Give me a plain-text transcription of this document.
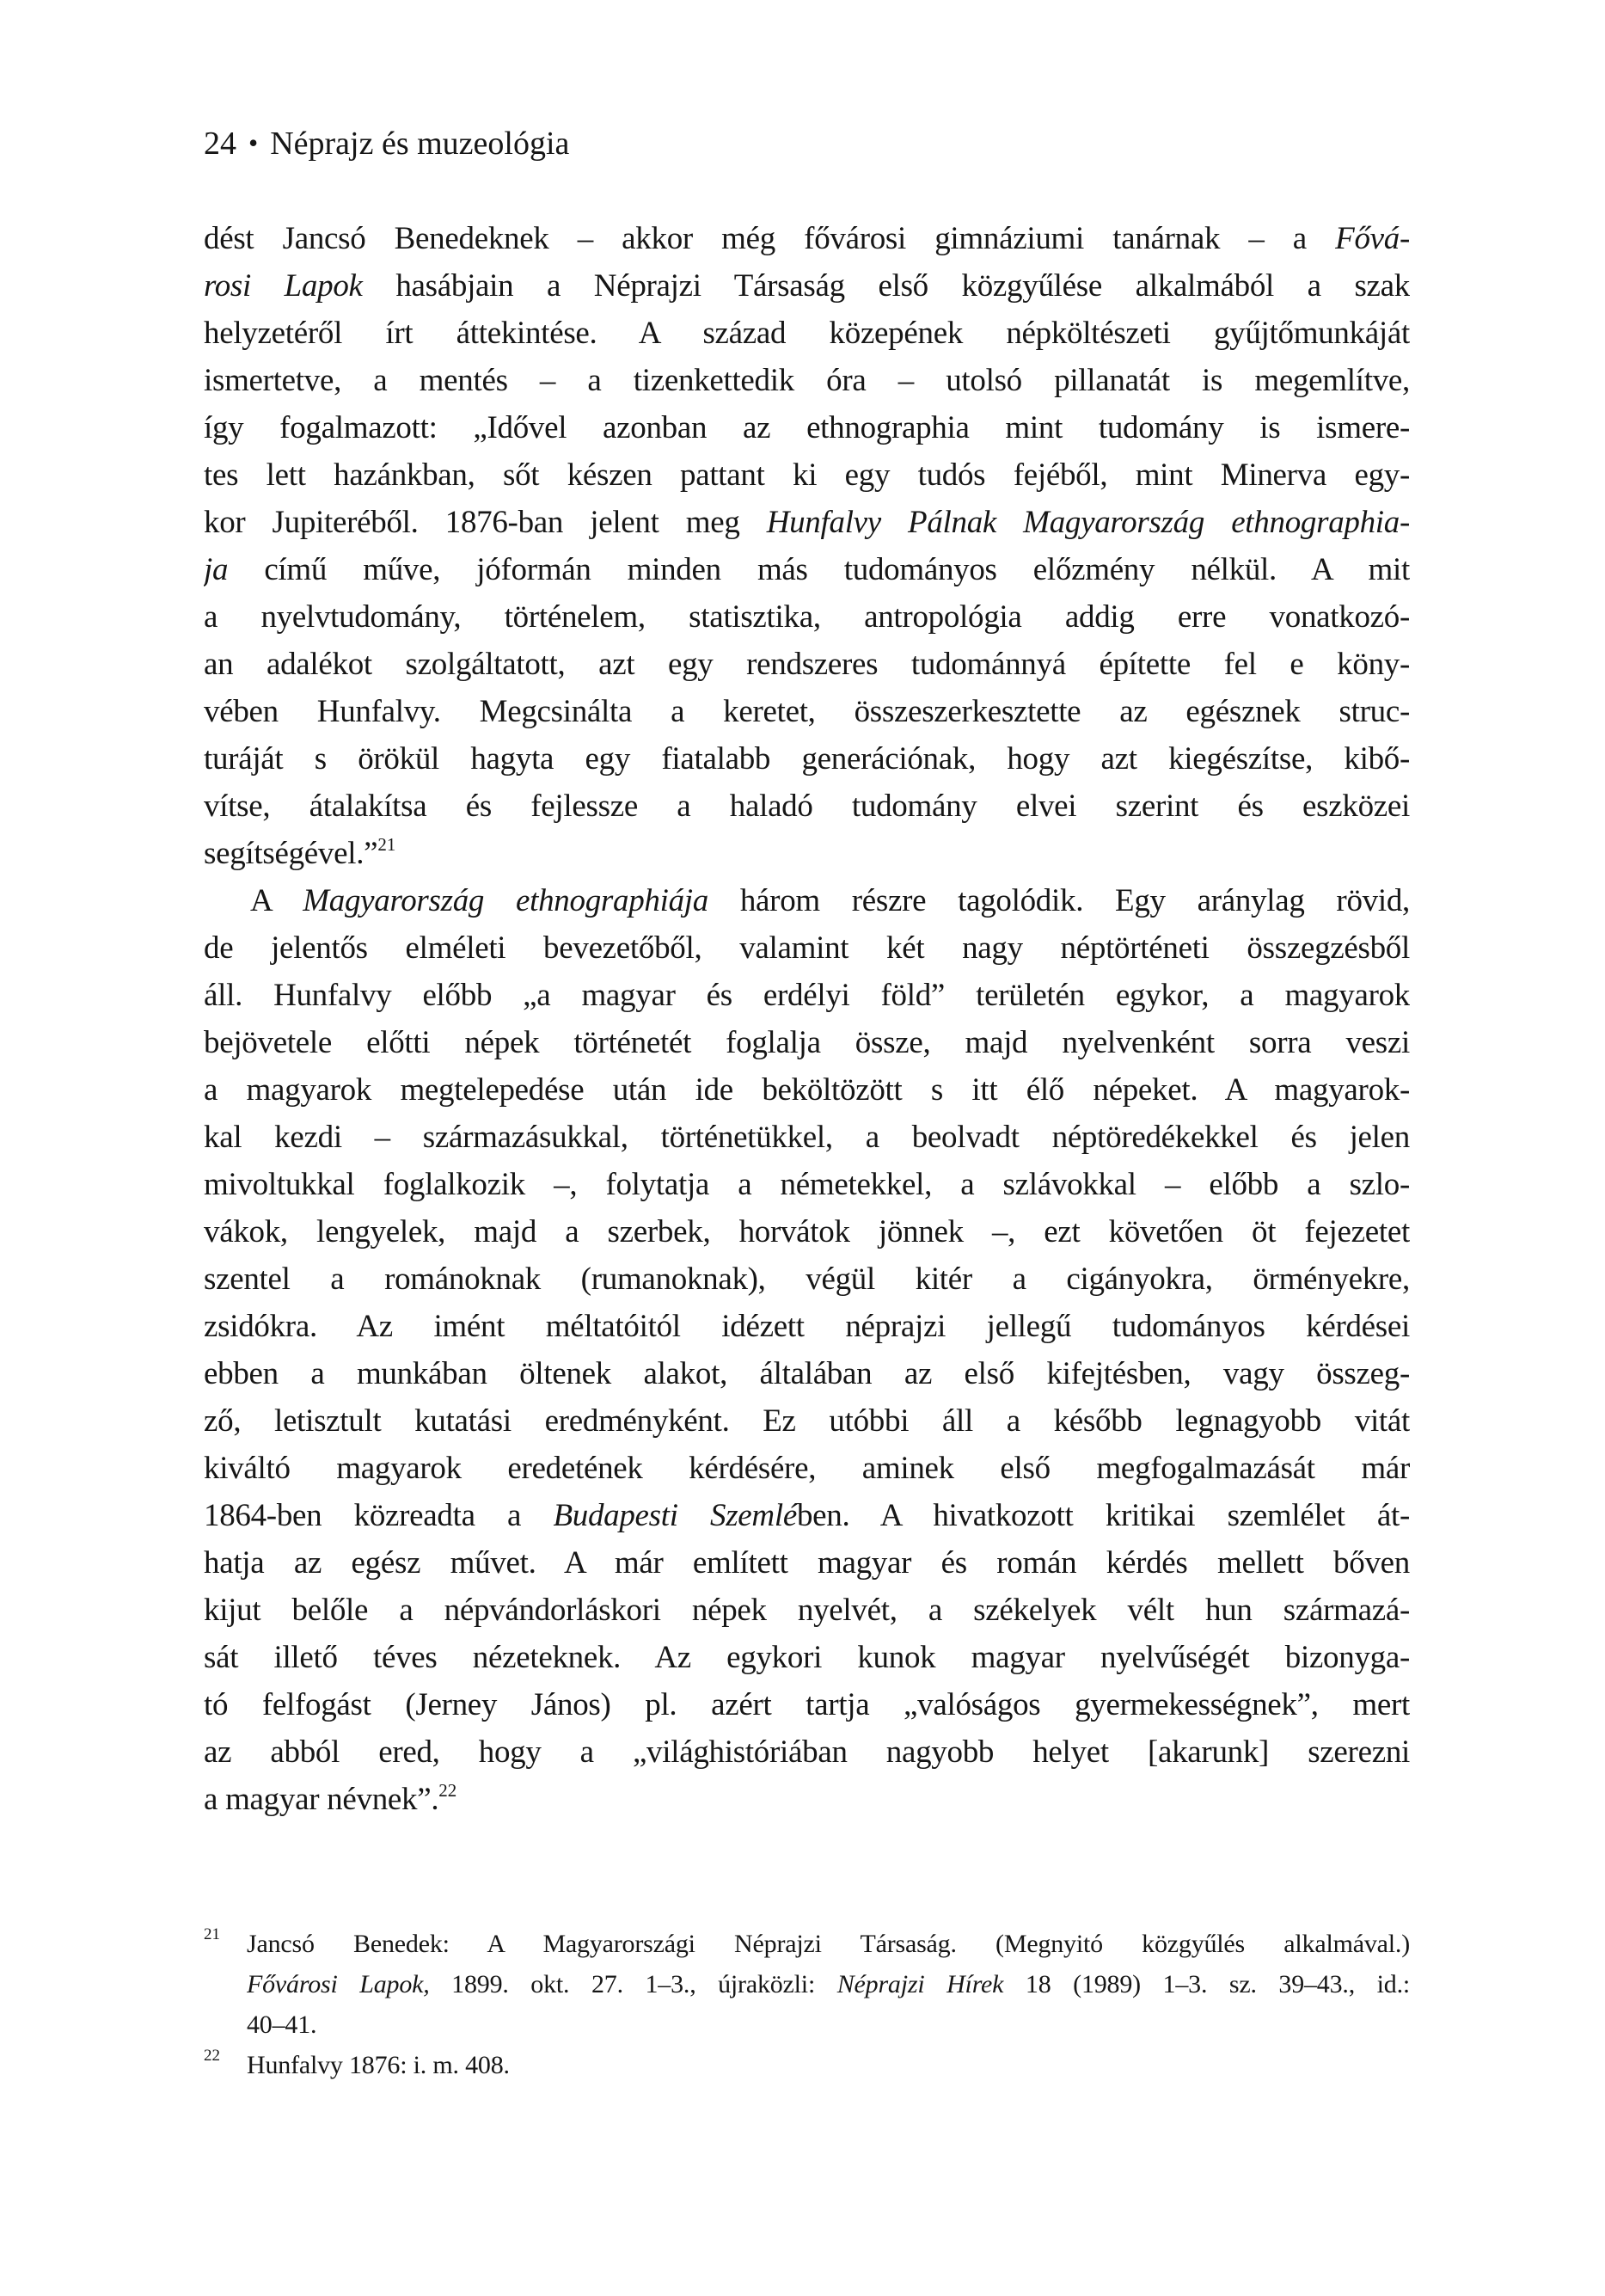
24 • Néprajz és muzeológia
dést Jancsó Benedeknek – akkor még fővárosi gimnáziumi tanárnak – a Fővá-
rosi Lapok hasábjain a Néprajzi Társaság első közgyűlése alkalmából a szak
helyzetéről írt áttekintése. A század közepének népköltészeti gyűjtőmunkáját
ismertetve, a mentés – a tizenkettedik óra – utolsó pillanatát is megemlítve,
így fogalmazott: „Idővel azonban az ethnographia mint tudomány is ismere-
tes lett hazánkban, sőt készen pattant ki egy tudós fejéből, mint Minerva egy-
kor Jupiteréből. 1876-ban jelent meg Hunfalvy Pálnak Magyarország ethnographia-
ja című műve, jóformán minden más tudományos előzmény nélkül. A mit
a nyelvtudomány, történelem, statisztika, antropológia addig erre vonatkozó-
an adalékot szolgáltatott, azt egy rendszeres tudománnyá építette fel e köny-
vében Hunfalvy. Megcsinálta a keretet, összeszerkesztette az egésznek struc-
turáját s örökül hagyta egy fiatalabb generációnak, hogy azt kiegészítse, kibő-
vítse, átalakítsa és fejlessze a haladó tudomány elvei szerint és eszközei
segítségével.”$^{21}$
A Magyarország ethnographiája három részre tagolódik. Egy aránylag rövid,
de jelentős elméleti bevezetőből, valamint két nagy néptörténeti összegzésből
áll. Hunfalvy előbb „a magyar és erdélyi föld” területén egykor, a magyarok
bejövetele előtti népek történetét foglalja össze, majd nyelvenként sorra veszi
a magyarok megtelepedése után ide beköltözött s itt élő népeket. A magyarok-
kal kezdi – származásukkal, történetükkel, a beolvadt néptöredékekkel és jelen
mivoltukkal foglalkozik –, folytatja a németekkel, a szlávokkal – előbb a szlo-
vákok, lengyelek, majd a szerbek, horvátok jönnek –, ezt követően öt fejezetet
szentel a románoknak (rumanoknak), végül kitér a cigányokra, örményekre,
zsidókra. Az imént méltatóitól idézett néprajzi jellegű tudományos kérdései
ebben a munkában öltenek alakot, általában az első kifejtésben, vagy összeg-
ző, letisztult kutatási eredményként. Ez utóbbi áll a később legnagyobb vitát
kiváltó magyarok eredetének kérdésére, aminek első megfogalmazását már
1864-ben közreadta a Budapesti Szemlében. A hivatkozott kritikai szemlélet át-
hatja az egész művet. A már említett magyar és román kérdés mellett bőven
kijut belőle a népvándorláskori népek nyelvét, a székelyek vélt hun származá-
sát illető téves nézeteknek. Az egykori kunok magyar nyelvűségét bizonyga-
tó felfogást (Jerney János) pl. azért tartja „valóságos gyermekességnek”, mert
az abból ered, hogy a „világhistóriában nagyobb helyet [akarunk] szerezni
a magyar névnek”.$^{22}$
21 Jancsó Benedek: A Magyarországi Néprajzi Társaság. (Megnyitó közgyűlés alkalmával.)
Fővárosi Lapok, 1899. okt. 27. 1–3., újraközli: Néprajzi Hírek 18 (1989) 1–3. sz. 39–43., id.:
40–41.
22 Hunfalvy 1876: i. m. 408.
